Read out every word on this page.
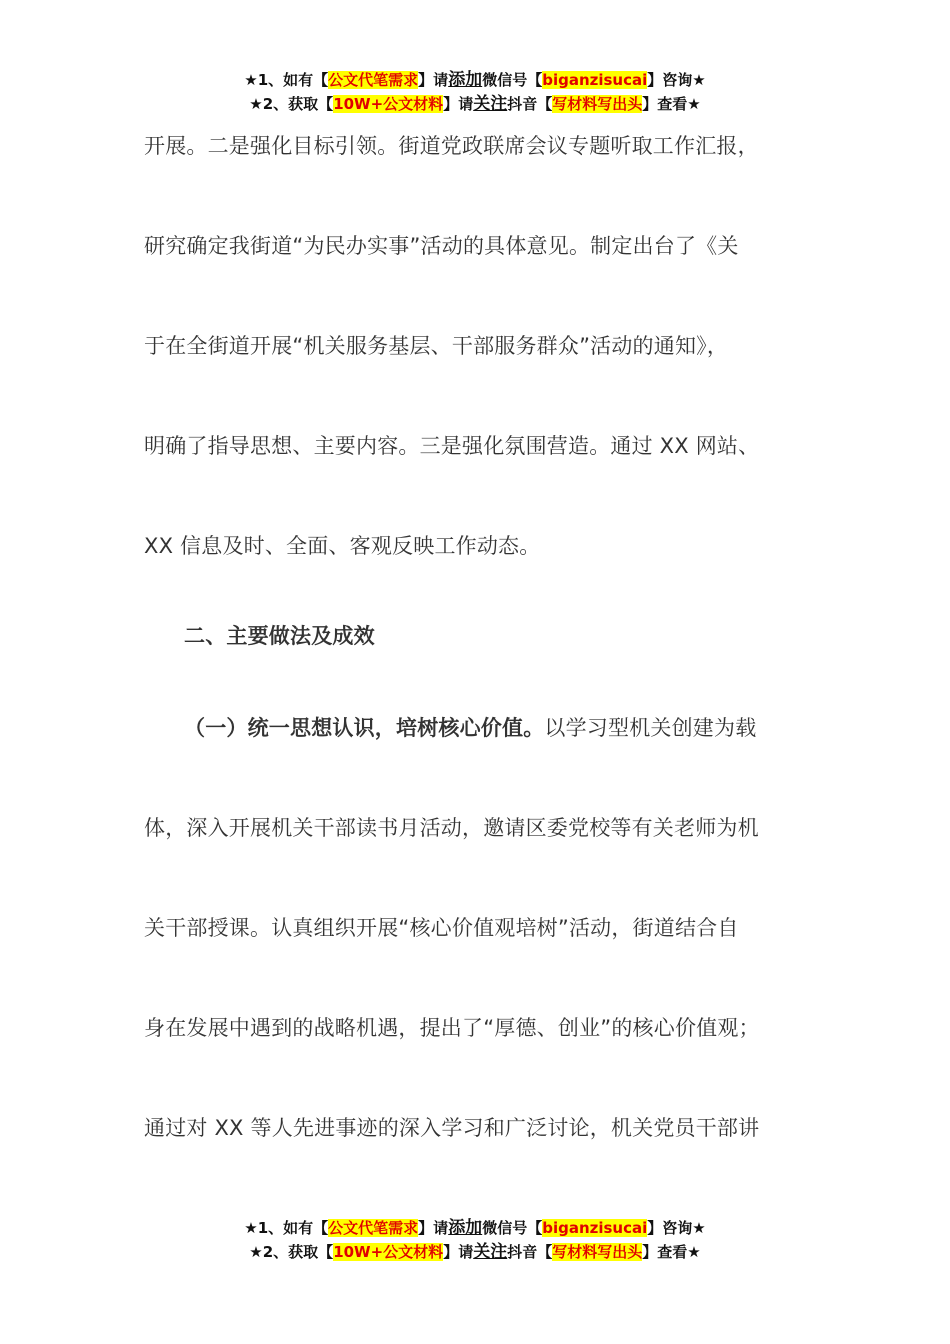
★1、如有【公文代笔需求】请添加微信号【biganzisucai】咨询★
★2、获取【10W+公文材料】请关注抖音【写材料写出头】查看★
开展。二是强化目标引领。街道党政联席会议专题听取工作汇报，
研究确定我街道“为民办实事”活动的具体意见。制定出台了《关
于在全街道开展“机关服务基层、干部服务群众”活动的通知》，
明确了指导思想、主要内容。三是强化氛围营造。通过 XX 网站、
XX 信息及时、全面、客观反映工作动态。
二、主要做法及成效
（一）统一思想认识，培树核心价值。以学习型机关创建为载
体，深入开展机关干部读书月活动，邀请区委党校等有关老师为机
关干部授课。认真组织开展“核心价值观培树”活动，街道结合自
身在发展中遇到的战略机遇，提出了“厚德、创业”的核心价值观；
通过对 XX 等人先进事迹的深入学习和广泛讨论，机关党员干部讲
★1、如有【公文代笔需求】请添加微信号【biganzisucai】咨询★
★2、获取【10W+公文材料】请关注抖音【写材料写出头】查看★
